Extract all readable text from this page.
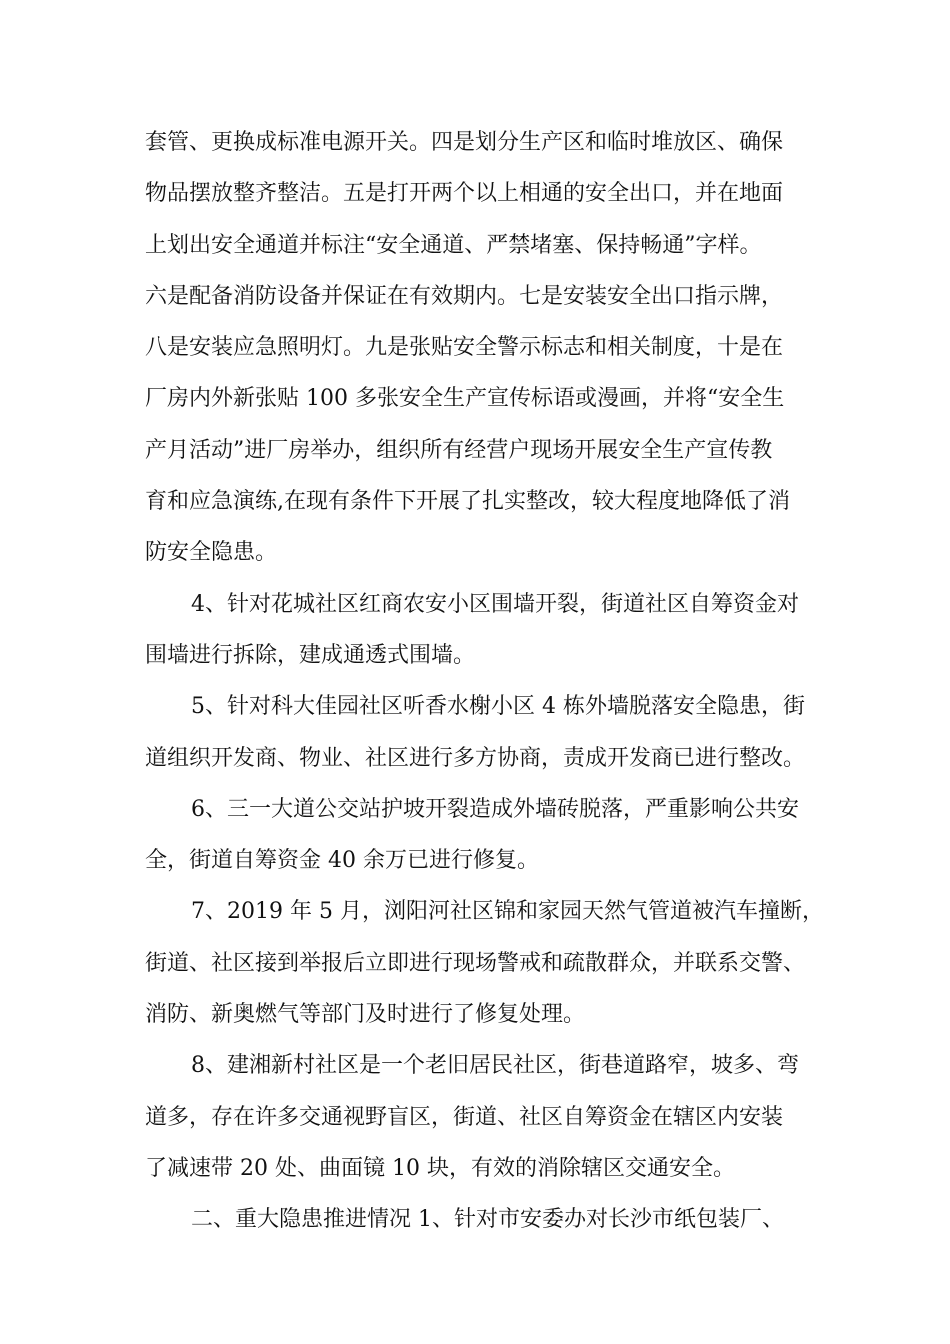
套管、更换成标准电源开关。四是划分生产区和临时堆放区、确保
物品摆放整齐整洁。五是打开两个以上相通的安全出口，并在地面
上划出安全通道并标注“安全通道、严禁堵塞、保持畅通”字样。
六是配备消防设备并保证在有效期内。七是安装安全出口指示牌，
八是安装应急照明灯。九是张贴安全警示标志和相关制度，十是在
厂房内外新张贴 100 多张安全生产宣传标语或漫画，并将“安全生
产月活动”进厂房举办，组织所有经营户现场开展安全生产宣传教
育和应急演练,在现有条件下开展了扎实整改，较大程度地降低了消
防安全隐患。
4、针对花城社区红商农安小区围墙开裂，街道社区自筹资金对
围墙进行拆除，建成通透式围墙。
5、针对科大佳园社区听香水榭小区 4 栋外墙脱落安全隐患，街
道组织开发商、物业、社区进行多方协商，责成开发商已进行整改。
6、三一大道公交站护坡开裂造成外墙砖脱落，严重影响公共安
全，街道自筹资金 40 余万已进行修复。
7、2019 年 5 月，浏阳河社区锦和家园天然气管道被汽车撞断，
街道、社区接到举报后立即进行现场警戒和疏散群众，并联系交警、
消防、新奥燃气等部门及时进行了修复处理。
8、建湘新村社区是一个老旧居民社区，街巷道路窄，坡多、弯
道多，存在许多交通视野盲区，街道、社区自筹资金在辖区内安装
了减速带 20 处、曲面镜 10 块，有效的消除辖区交通安全。
二、重大隐患推进情况 1、针对市安委办对长沙市纸包装厂、
